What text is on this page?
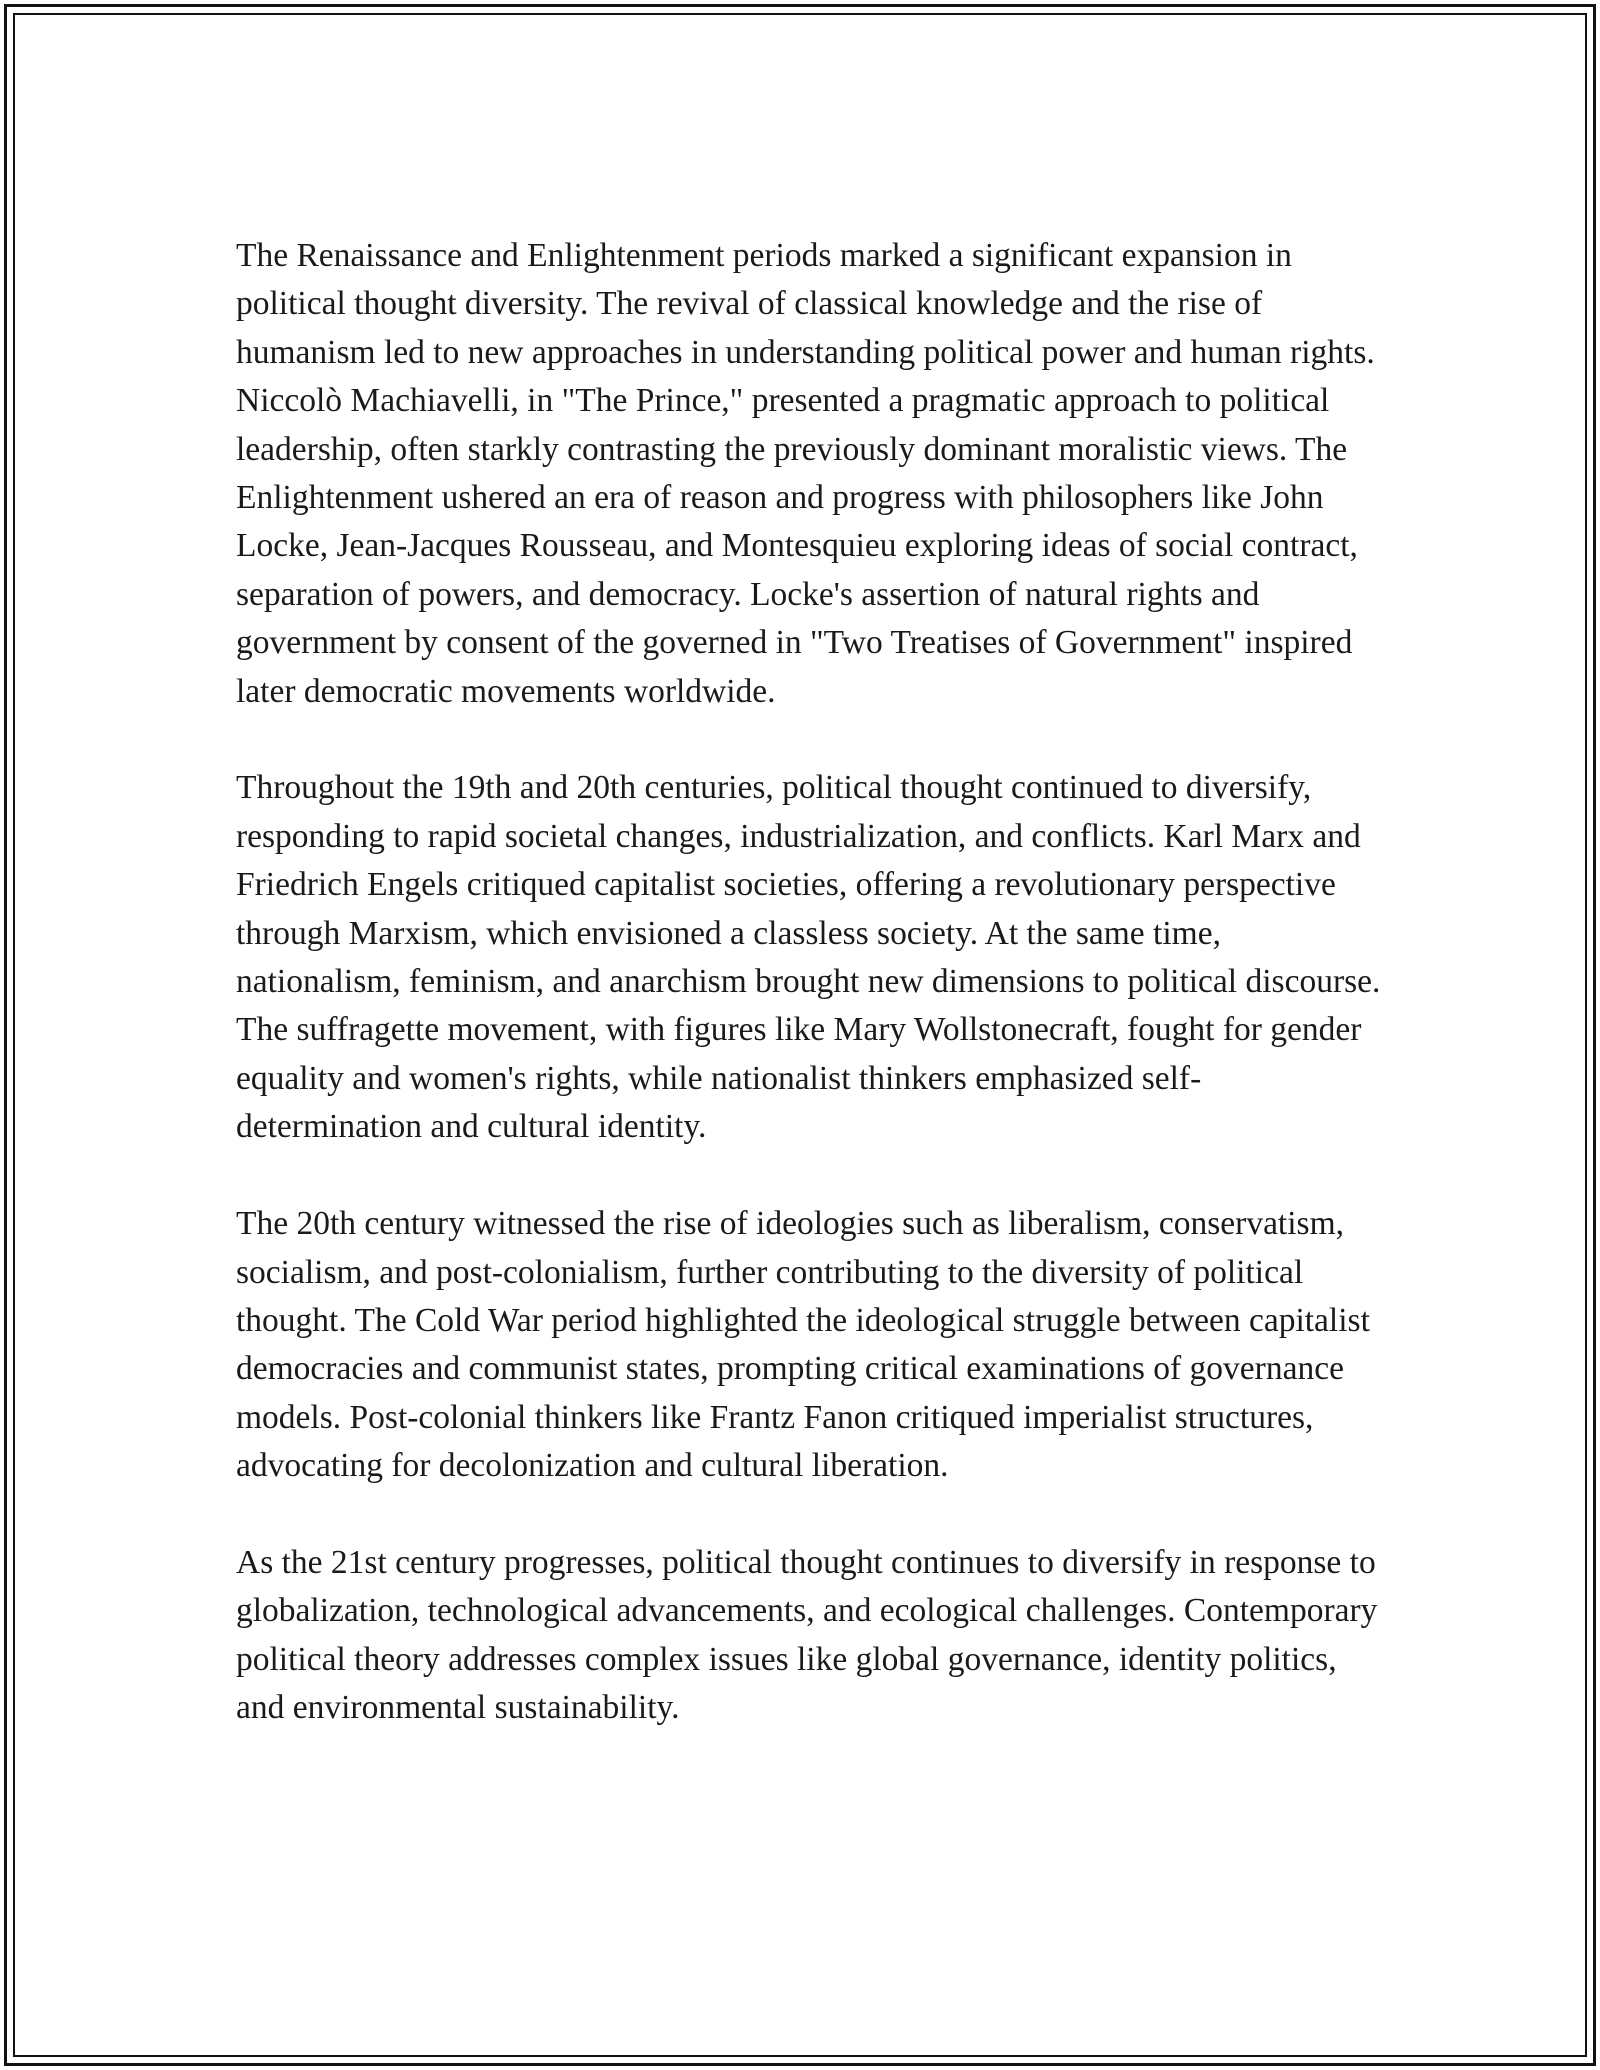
The Renaissance and Enlightenment periods marked a significant expansion in political thought diversity. The revival of classical knowledge and the rise of humanism led to new approaches in understanding political power and human rights. Niccolò Machiavelli, in "The Prince," presented a pragmatic approach to political leadership, often starkly contrasting the previously dominant moralistic views. The Enlightenment ushered an era of reason and progress with philosophers like John Locke, Jean-Jacques Rousseau, and Montesquieu exploring ideas of social contract, separation of powers, and democracy. Locke's assertion of natural rights and government by consent of the governed in "Two Treatises of Government" inspired later democratic movements worldwide.

Throughout the 19th and 20th centuries, political thought continued to diversify, responding to rapid societal changes, industrialization, and conflicts. Karl Marx and Friedrich Engels critiqued capitalist societies, offering a revolutionary perspective through Marxism, which envisioned a classless society. At the same time, nationalism, feminism, and anarchism brought new dimensions to political discourse. The suffragette movement, with figures like Mary Wollstonecraft, fought for gender equality and women's rights, while nationalist thinkers emphasized self-determination and cultural identity.

The 20th century witnessed the rise of ideologies such as liberalism, conservatism, socialism, and post-colonialism, further contributing to the diversity of political thought. The Cold War period highlighted the ideological struggle between capitalist democracies and communist states, prompting critical examinations of governance models. Post-colonial thinkers like Frantz Fanon critiqued imperialist structures, advocating for decolonization and cultural liberation.

As the 21st century progresses, political thought continues to diversify in response to globalization, technological advancements, and ecological challenges. Contemporary political theory addresses complex issues like global governance, identity politics, and environmental sustainability.
